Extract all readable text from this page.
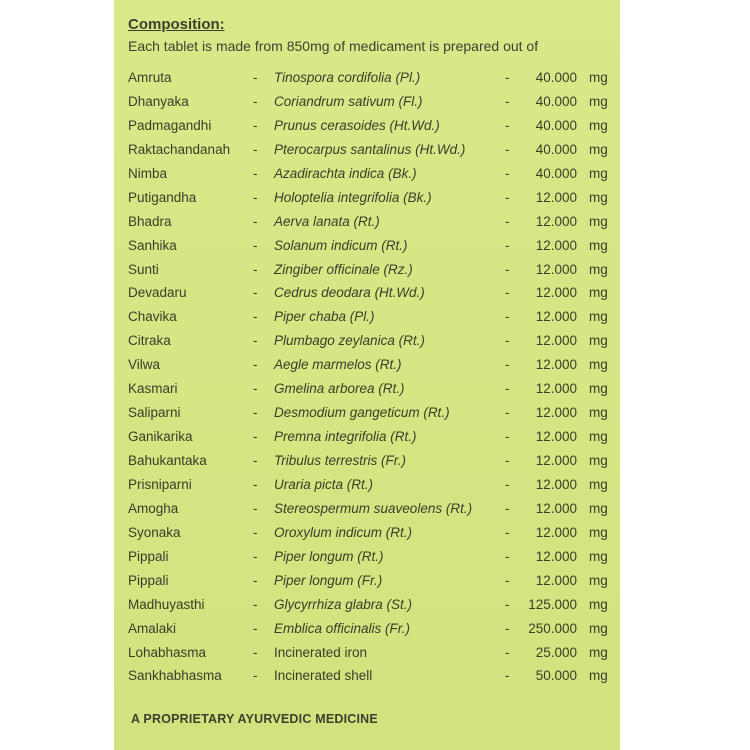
Composition:
Each tablet is made from 850mg of medicament is prepared out of
Amruta	- Tinospora cordifolia (Pl.)	-	40.000 mg
Dhanyaka	- Coriandrum sativum (Fl.)	-	40.000 mg
Padmagandhi	- Prunus cerasoides (Ht.Wd.)	-	40.000 mg
Raktachandanah - Pterocarpus santalinus (Ht.Wd.)	-	40.000 mg
Nimba	- Azadirachta indica (Bk.)	-	40.000 mg
Putigandha	- Holoptelia integrifolia (Bk.)	-	12.000 mg
Bhadra	- Aerva lanata (Rt.)	-	12.000 mg
Sanhika	- Solanum indicum (Rt.)	-	12.000 mg
Sunti	- Zingiber officinale (Rz.)	-	12.000 mg
Devadaru	- Cedrus deodara (Ht.Wd.)	-	12.000 mg
Chavika	- Piper chaba (Pl.)	-	12.000 mg
Citraka	- Plumbago zeylanica (Rt.)	-	12.000 mg
Vilwa	- Aegle marmelos (Rt.)	-	12.000 mg
Kasmari	- Gmelina arborea (Rt.)	-	12.000 mg
Saliparni	- Desmodium gangeticum (Rt.)	-	12.000 mg
Ganikarika	- Premna integrifolia (Rt.)	-	12.000 mg
Bahukantaka	- Tribulus terrestris (Fr.)	-	12.000 mg
Prisniparni	- Uraria picta (Rt.)	-	12.000 mg
Amogha	- Stereospermum suaveolens (Rt.) -	12.000 mg
Syonaka	- Oroxylum indicum (Rt.)	-	12.000 mg
Pippali	- Piper longum (Rt.)	-	12.000 mg
Pippali	- Piper longum (Fr.)	-	12.000 mg
Madhuyasthi	- Glycyrrhiza glabra (St.)	-	125.000 mg
Amalaki	- Emblica officinalis (Fr.)	-	250.000 mg
Lohabhasma	- Incinerated iron	-	25.000 mg
Sankhabhasma - Incinerated shell	-	50.000 mg
A PROPRIETARY AYURVEDIC MEDICINE
